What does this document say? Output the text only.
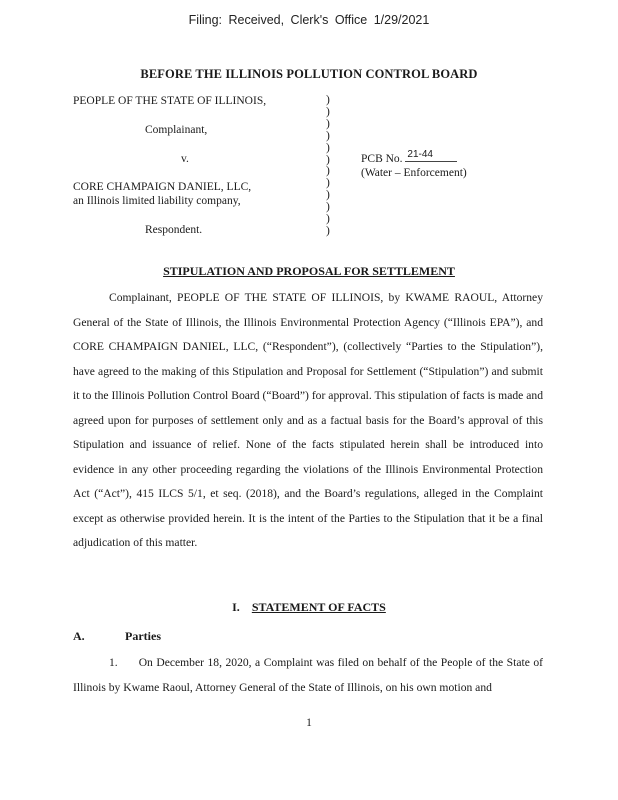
Filing: Received, Clerk's Office 1/29/2021
BEFORE THE ILLINOIS POLLUTION CONTROL BOARD
PEOPLE OF THE STATE OF ILLINOIS,
Complainant,
v.
CORE CHAMPAIGN DANIEL, LLC,
an Illinois limited liability company,
Respondent.
)
)
)
)
)
)
)
)
)
)
)
)
PCB No. 21-44
(Water – Enforcement)
STIPULATION AND PROPOSAL FOR SETTLEMENT
Complainant, PEOPLE OF THE STATE OF ILLINOIS, by KWAME RAOUL, Attorney General of the State of Illinois, the Illinois Environmental Protection Agency (“Illinois EPA”), and CORE CHAMPAIGN DANIEL, LLC, (“Respondent”), (collectively “Parties to the Stipulation”), have agreed to the making of this Stipulation and Proposal for Settlement (“Stipulation”) and submit it to the Illinois Pollution Control Board (“Board”) for approval. This stipulation of facts is made and agreed upon for purposes of settlement only and as a factual basis for the Board’s approval of this Stipulation and issuance of relief. None of the facts stipulated herein shall be introduced into evidence in any other proceeding regarding the violations of the Illinois Environmental Protection Act (“Act”), 415 ILCS 5/1, et seq. (2018), and the Board’s regulations, alleged in the Complaint except as otherwise provided herein. It is the intent of the Parties to the Stipulation that it be a final adjudication of this matter.
I. STATEMENT OF FACTS
A.	Parties
1. On December 18, 2020, a Complaint was filed on behalf of the People of the State of Illinois by Kwame Raoul, Attorney General of the State of Illinois, on his own motion and
1
